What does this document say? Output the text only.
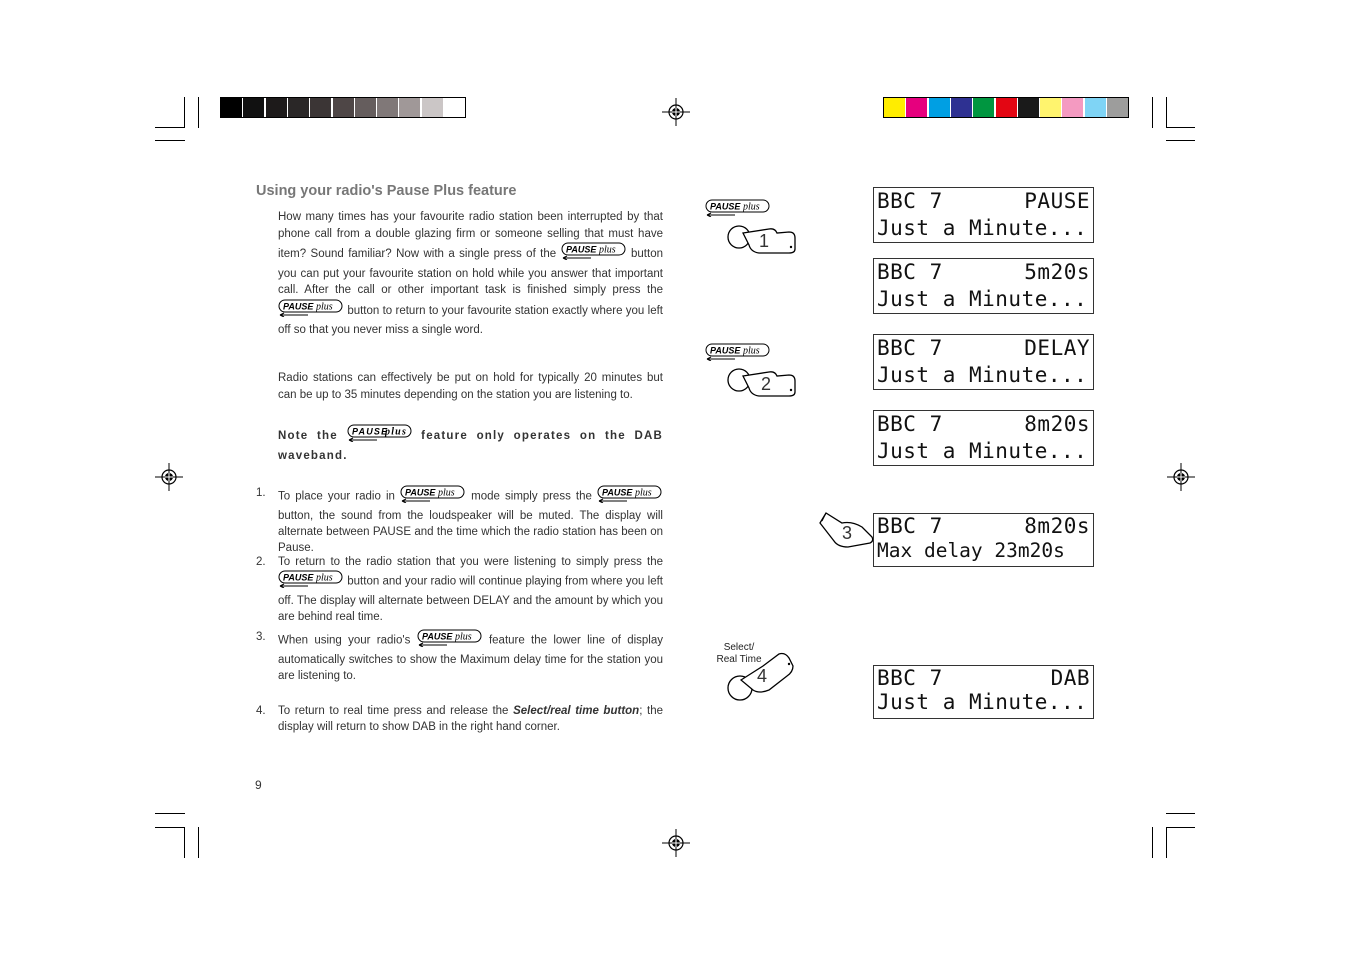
Using your radio's Pause Plus feature
How many times has your favourite radio station been interrupted by that phone call from a double glazing firm or someone selling that must have item? Sound familiar? Now with a single press of the PAUSE plus button you can put your favourite station on hold while you answer that important call. After the call or other important task is finished simply press the
PAUSE plus button to return to your favourite station exactly where you left off so that you never miss a single word.
Radio stations can effectively be put on hold for typically 20 minutes but can be up to 35 minutes depending on the station you are listening to.
Note the PAUSE
plus feature only operates on the DAB waveband.
1. To place your radio in PAUSE plus mode simply press the PAUSE plus
button, the sound from the loudspeaker will be muted. The display will alternate between PAUSE and the time which the radio station has been on Pause.
2. To return to the radio station that you were listening to simply press the
PAUSE plus button and your radio will continue playing from where you left off. The display will alternate between DELAY and the amount by which you are behind real time.
3. When using your radio's PAUSE plus feature the lower line of display automatically switches to show the Maximum delay time for the station you are listening to.
4. To return to real time press and release the Select/real time button; the display will return to show DAB in the right hand corner.
9
PAUSE plus
1
PAUSE plus
2
3
Select/
Real Time
4
BBC 7	PAUSE
Just a Minute...
BBC 7	5m20s
Just a Minute...
BBC 7	DELAY
Just a Minute...
BBC 7	8m20s
Just a Minute...
BBC 7	8m20s
Max delay 23m20s
BBC 7	DAB
Just a Minute...
